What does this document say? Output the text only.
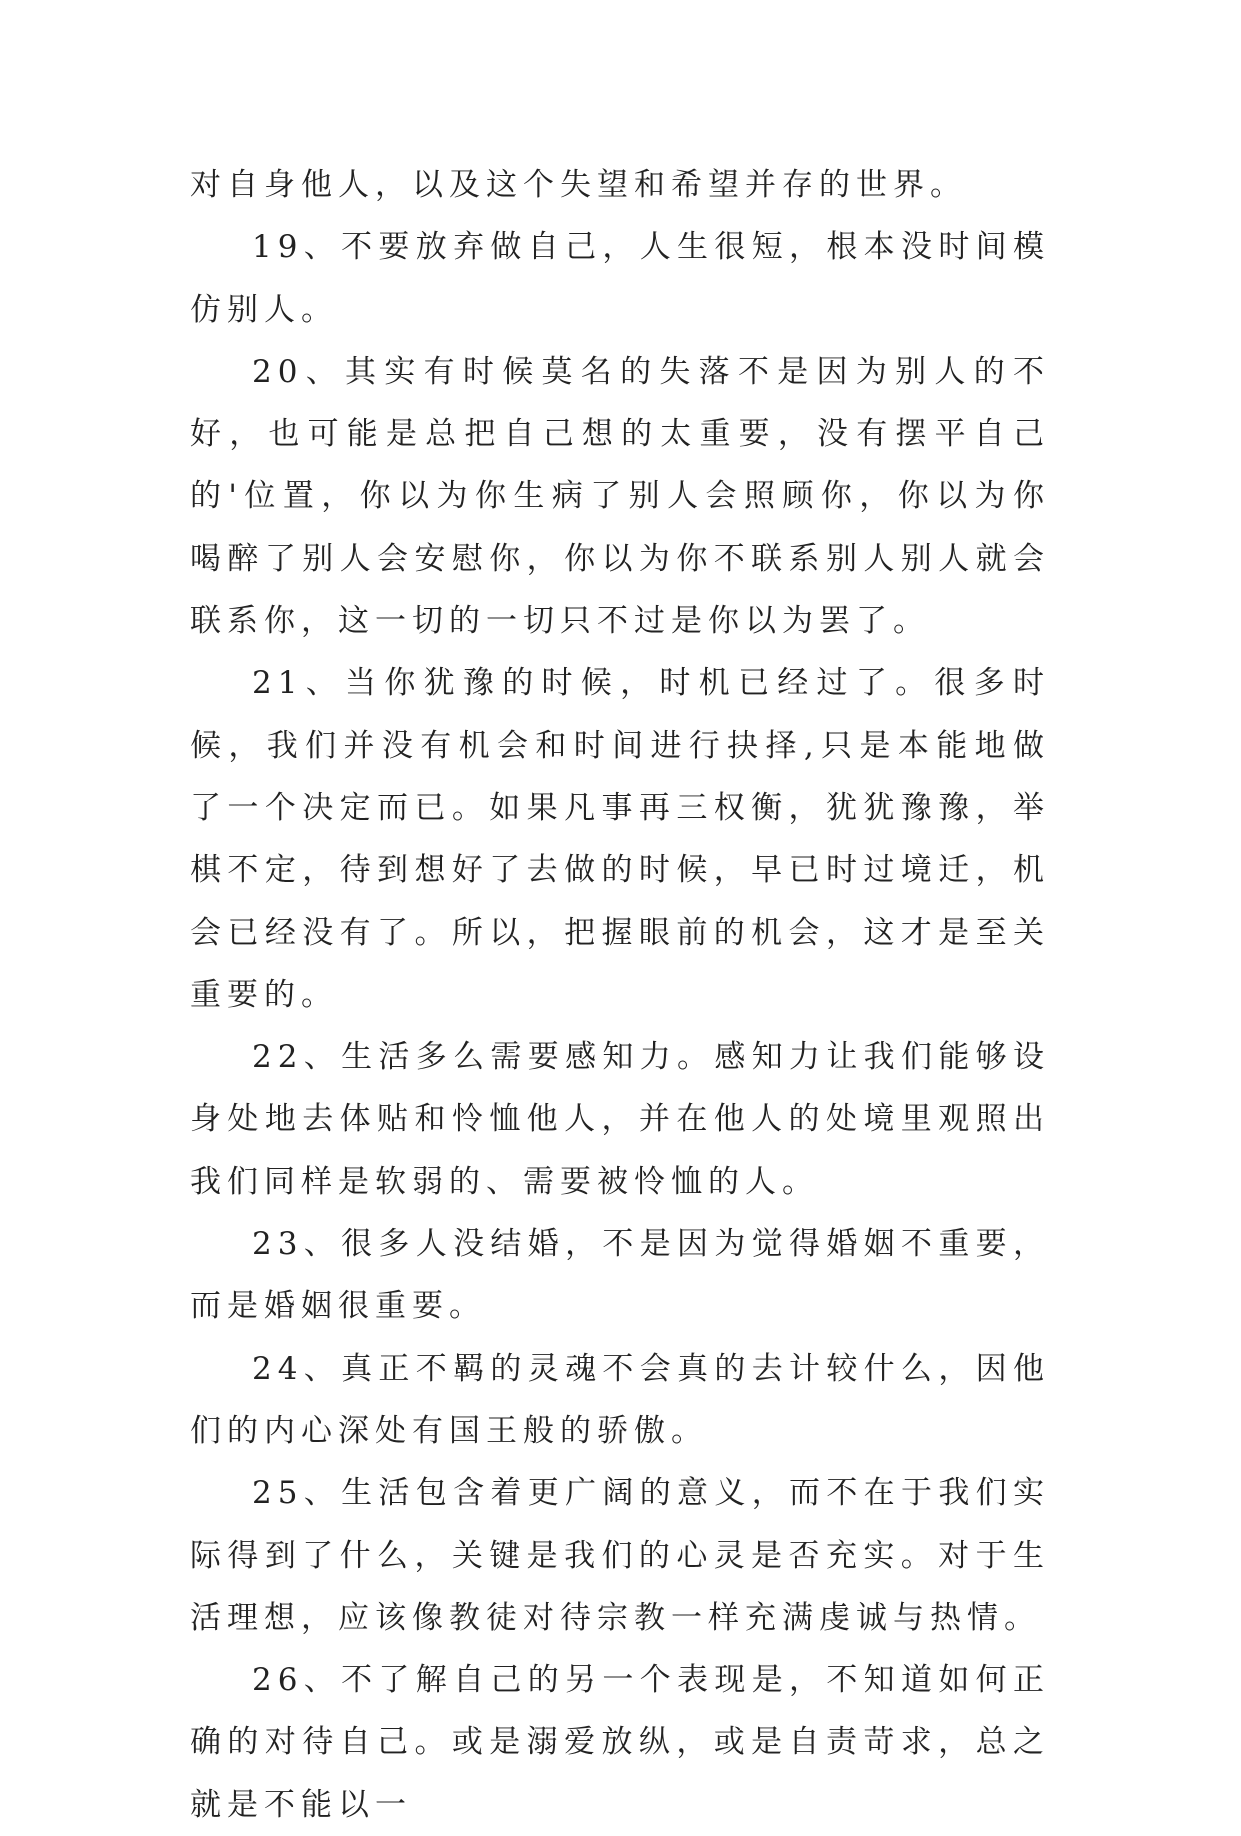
对自身他人，以及这个失望和希望并存的世界。

19、不要放弃做自己，人生很短，根本没时间模仿别人。

20、其实有时候莫名的失落不是因为别人的不好，也可能是总把自己想的太重要，没有摆平自己的'位置，你以为你生病了别人会照顾你，你以为你喝醉了别人会安慰你，你以为你不联系别人别人就会联系你，这一切的一切只不过是你以为罢了。

21、当你犹豫的时候，时机已经过了。很多时候，我们并没有机会和时间进行抉择,只是本能地做了一个决定而已。如果凡事再三权衡，犹犹豫豫，举棋不定，待到想好了去做的时候，早已时过境迁，机会已经没有了。所以，把握眼前的机会，这才是至关重要的。

22、生活多么需要感知力。感知力让我们能够设身处地去体贴和怜恤他人，并在他人的处境里观照出我们同样是软弱的、需要被怜恤的人。

23、很多人没结婚，不是因为觉得婚姻不重要，而是婚姻很重要。

24、真正不羁的灵魂不会真的去计较什么，因他们的内心深处有国王般的骄傲。

25、生活包含着更广阔的意义，而不在于我们实际得到了什么，关键是我们的心灵是否充实。对于生活理想，应该像教徒对待宗教一样充满虔诚与热情。

26、不了解自己的另一个表现是，不知道如何正确的对待自己。或是溺爱放纵，或是自责苛求，总之就是不能以一
